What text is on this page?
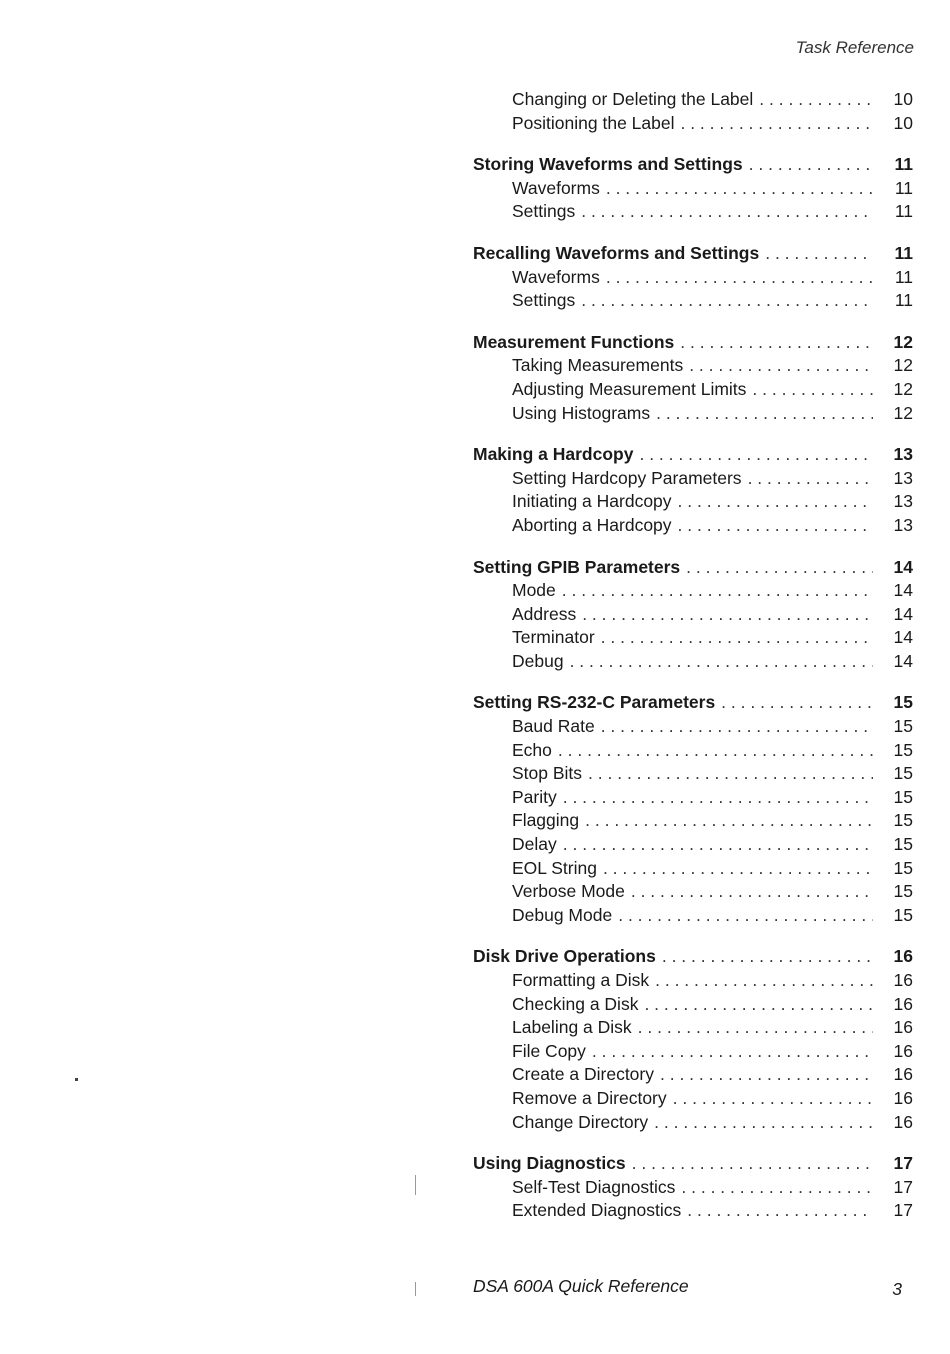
Task Reference
Changing or Deleting the Label . . .	10
Positioning the Label . . .	10
Storing Waveforms and Settings . . .	11
Waveforms . . .	11
Settings . . .	11
Recalling Waveforms and Settings . . .	11
Waveforms . . .	11
Settings . . .	11
Measurement Functions . . .	12
Taking Measurements . . .	12
Adjusting Measurement Limits . . .	12
Using Histograms . . .	12
Making a Hardcopy . . .	13
Setting Hardcopy Parameters . . .	13
Initiating a Hardcopy . . .	13
Aborting a Hardcopy . . .	13
Setting GPIB Parameters . . .	14
Mode . . .	14
Address . . .	14
Terminator . . .	14
Debug . . .	14
Setting RS-232-C Parameters . . .	15
Baud Rate . . .	15
Echo . . .	15
Stop Bits . . .	15
Parity . . .	15
Flagging . . .	15
Delay . . .	15
EOL String . . .	15
Verbose Mode . . .	15
Debug Mode . . .	15
Disk Drive Operations . . .	16
Formatting a Disk . . .	16
Checking a Disk . . .	16
Labeling a Disk . . .	16
File Copy . . .	16
Create a Directory . . .	16
Remove a Directory . . .	16
Change Directory . . .	16
Using Diagnostics . . .	17
Self-Test Diagnostics . . .	17
Extended Diagnostics . . .	17
DSA 600A Quick Reference	3
